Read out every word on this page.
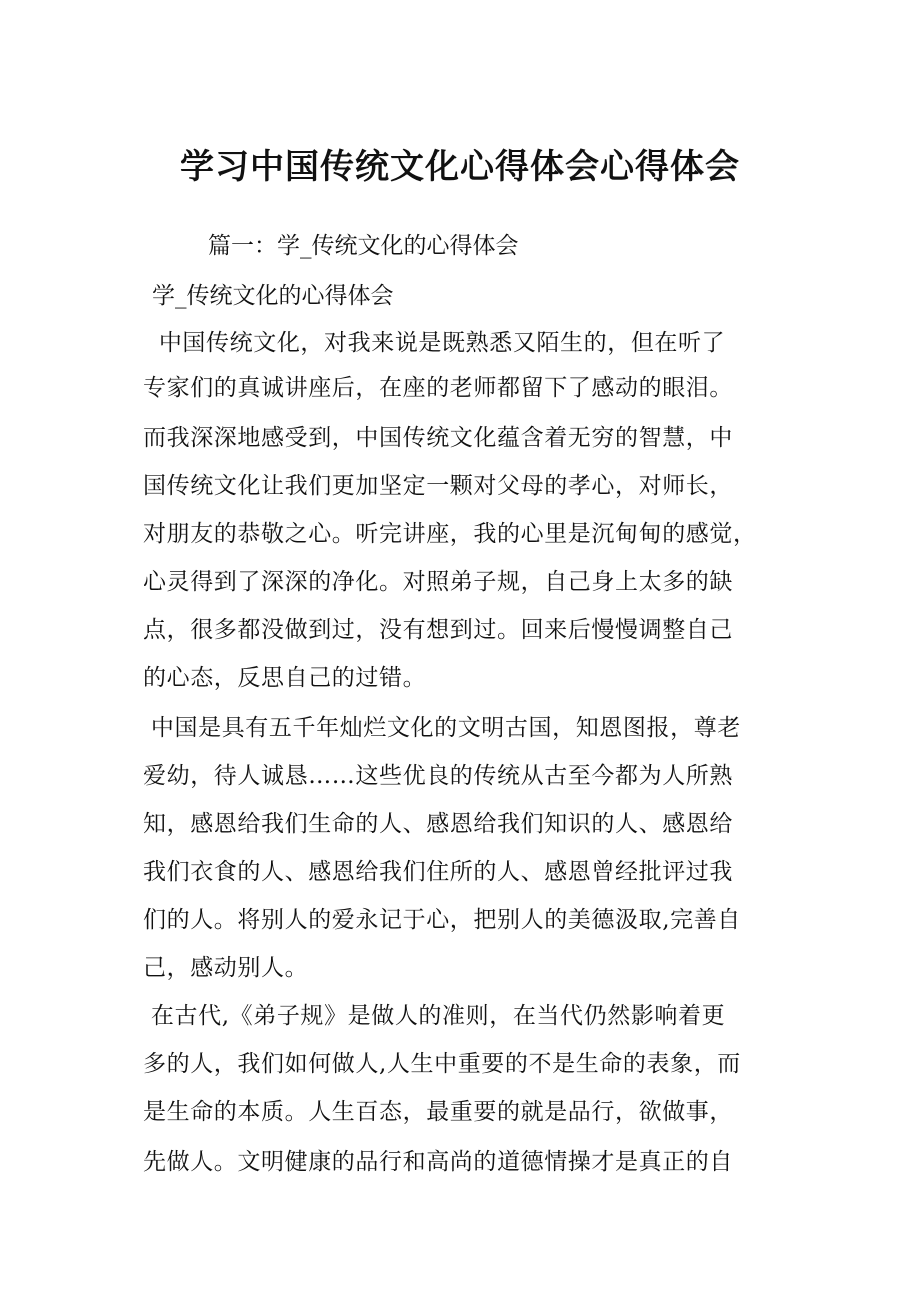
学习中国传统文化心得体会心得体会

篇一：学_传统文化的心得体会

学_传统文化的心得体会

中国传统文化，对我来说是既熟悉又陌生的，但在听了

专家们的真诚讲座后，在座的老师都留下了感动的眼泪。

而我深深地感受到，中国传统文化蕴含着无穷的智慧，中

国传统文化让我们更加坚定一颗对父母的孝心，对师长，

对朋友的恭敬之心。听完讲座，我的心里是沉甸甸的感觉，

心灵得到了深深的净化。对照弟子规，自己身上太多的缺

点，很多都没做到过，没有想到过。回来后慢慢调整自己

的心态，反思自己的过错。

中国是具有五千年灿烂文化的文明古国，知恩图报，尊老

爱幼，待人诚恳……这些优良的传统从古至今都为人所熟

知，感恩给我们生命的人、感恩给我们知识的人、感恩给

我们衣食的人、感恩给我们住所的人、感恩曾经批评过我

们的人。将别人的爱永记于心，把别人的美德汲取,完善自

己，感动别人。

在古代,《弟子规》是做人的准则，在当代仍然影响着更

多的人，我们如何做人,人生中重要的不是生命的表象，而

是生命的本质。人生百态，最重要的就是品行，欲做事，

先做人。文明健康的品行和高尚的道德情操才是真正的自
